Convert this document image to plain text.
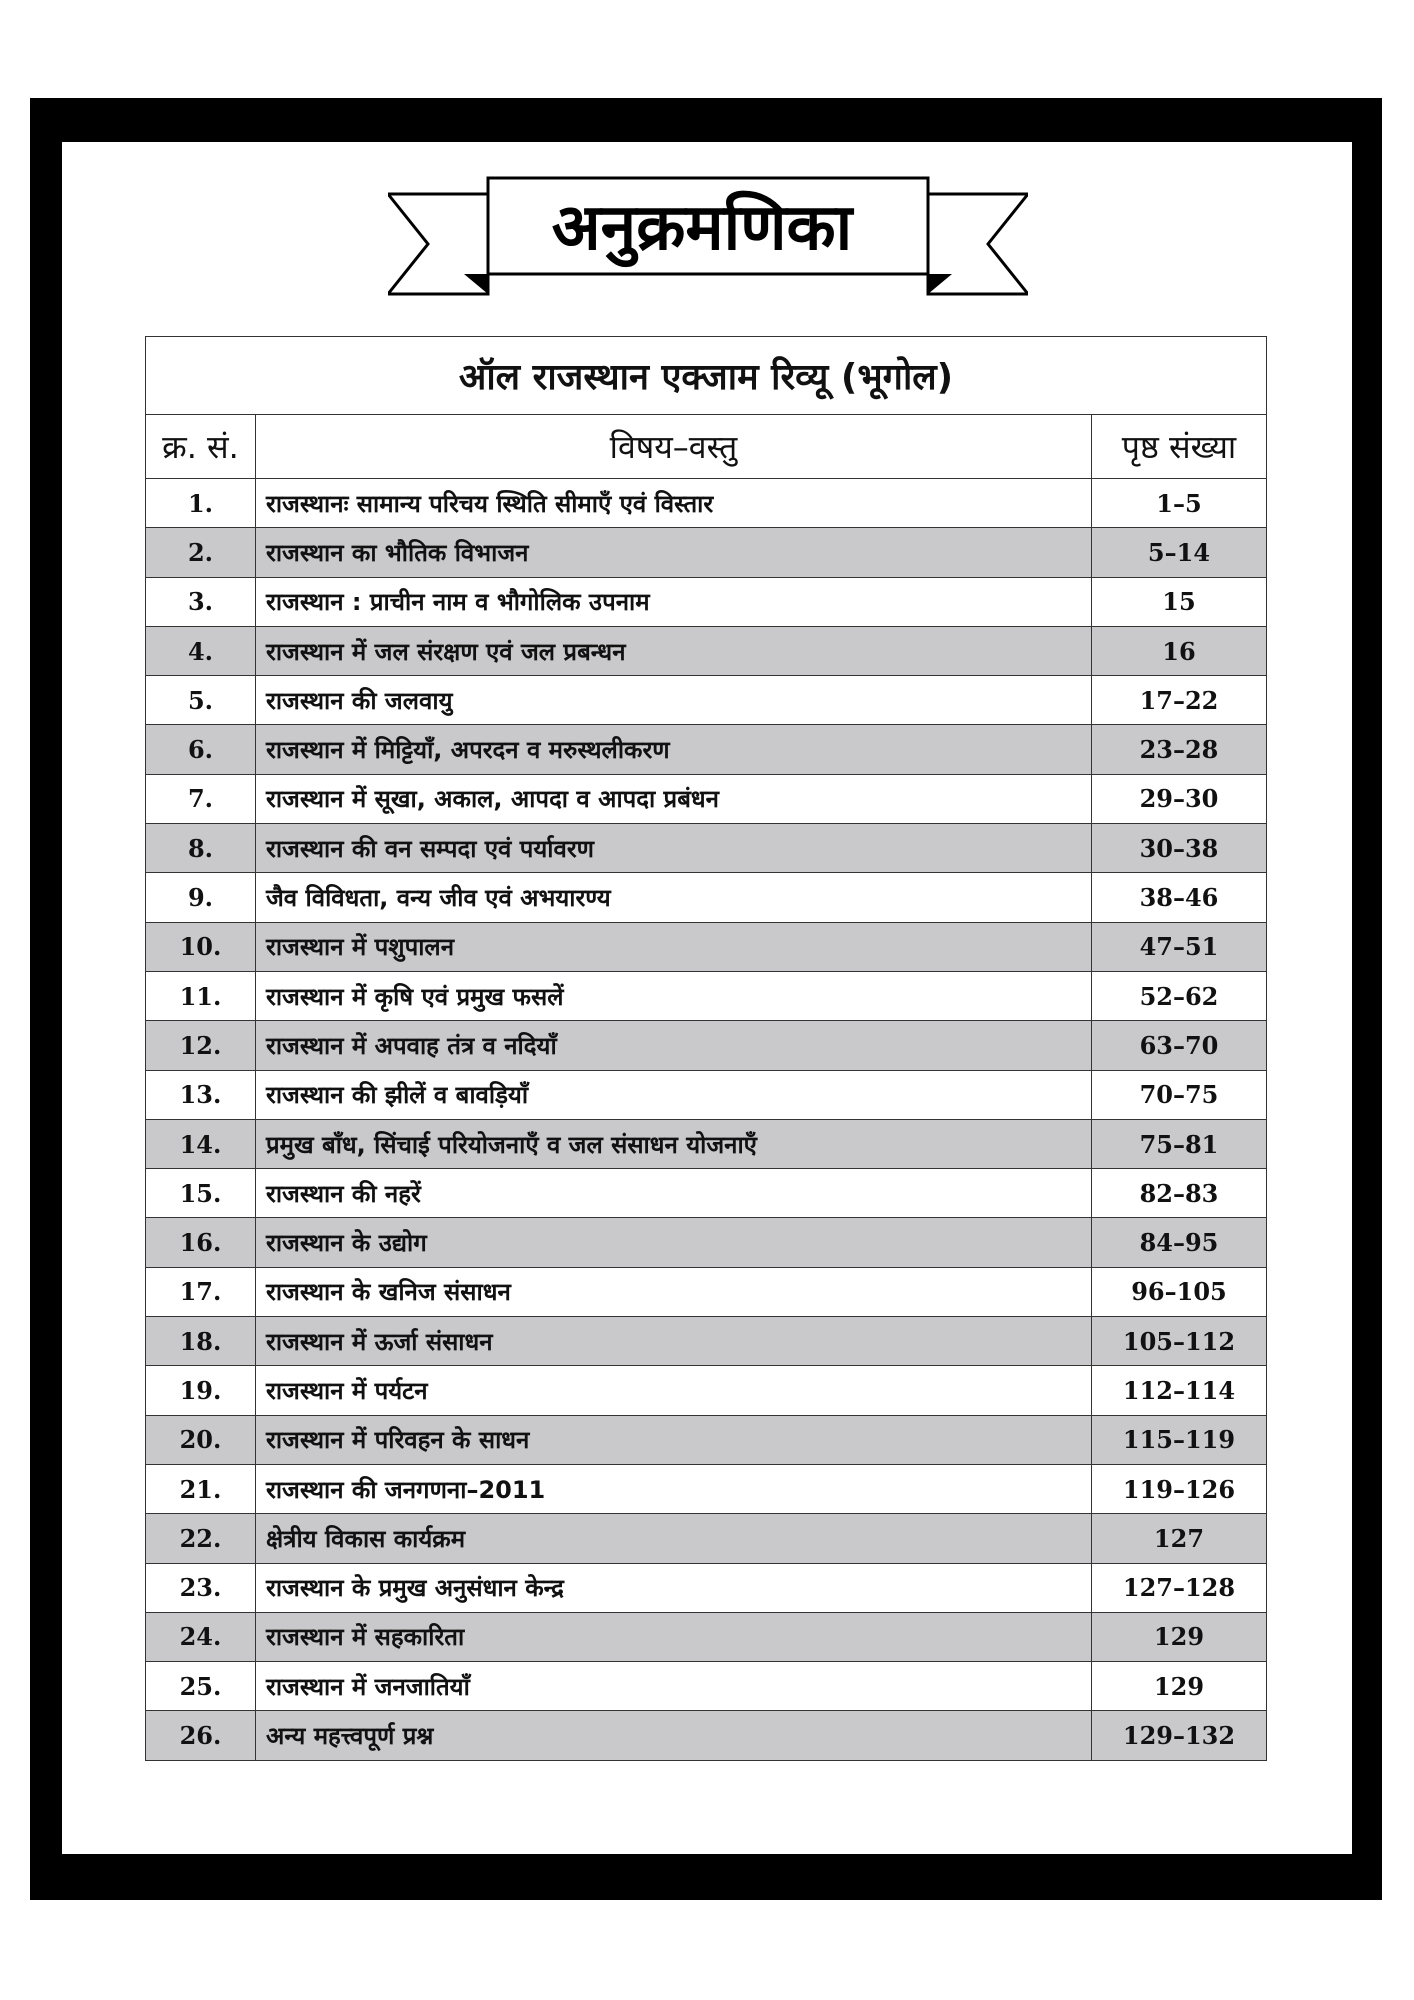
अनुक्रमणिका
ऑल राजस्थान एक्जाम रिव्यू (भूगोल)		
क्र. सं.	विषय–वस्तु	पृष्ठ संख्या
1.	राजस्थानः सामान्य परिचय स्थिति सीमाएँ एवं विस्तार	1–5
2.	राजस्थान का भौतिक विभाजन	5–14
3.	राजस्थान : प्राचीन नाम व भौगोलिक उपनाम	15
4.	राजस्थान में जल संरक्षण एवं जल प्रबन्धन	16
5.	राजस्थान की जलवायु	17–22
6.	राजस्थान में मिट्टियाँ, अपरदन व मरुस्थलीकरण	23–28
7.	राजस्थान में सूखा, अकाल, आपदा व आपदा प्रबंधन	29–30
8.	राजस्थान की वन सम्पदा एवं पर्यावरण	30–38
9.	जैव विविधता, वन्य जीव एवं अभयारण्य	38–46
10.	राजस्थान में पशुपालन	47–51
11.	राजस्थान में कृषि एवं प्रमुख फसलें	52–62
12.	राजस्थान में अपवाह तंत्र व नदियाँ	63–70
13.	राजस्थान की झीलें व बावड़ियाँ	70–75
14.	प्रमुख बाँध, सिंचाई परियोजनाएँ व जल संसाधन योजनाएँ	75–81
15.	राजस्थान की नहरें	82–83
16.	राजस्थान के उद्योग	84–95
17.	राजस्थान के खनिज संसाधन	96–105
18.	राजस्थान में ऊर्जा संसाधन	105–112
19.	राजस्थान में पर्यटन	112–114
20.	राजस्थान में परिवहन के साधन	115–119
21.	राजस्थान की जनगणना–2011	119–126
22.	क्षेत्रीय विकास कार्यक्रम	127
23.	राजस्थान के प्रमुख अनुसंधान केन्द्र	127–128
24.	राजस्थान में सहकारिता	129
25.	राजस्थान में जनजातियाँ	129
26.	अन्य महत्त्वपूर्ण प्रश्न	129–132
